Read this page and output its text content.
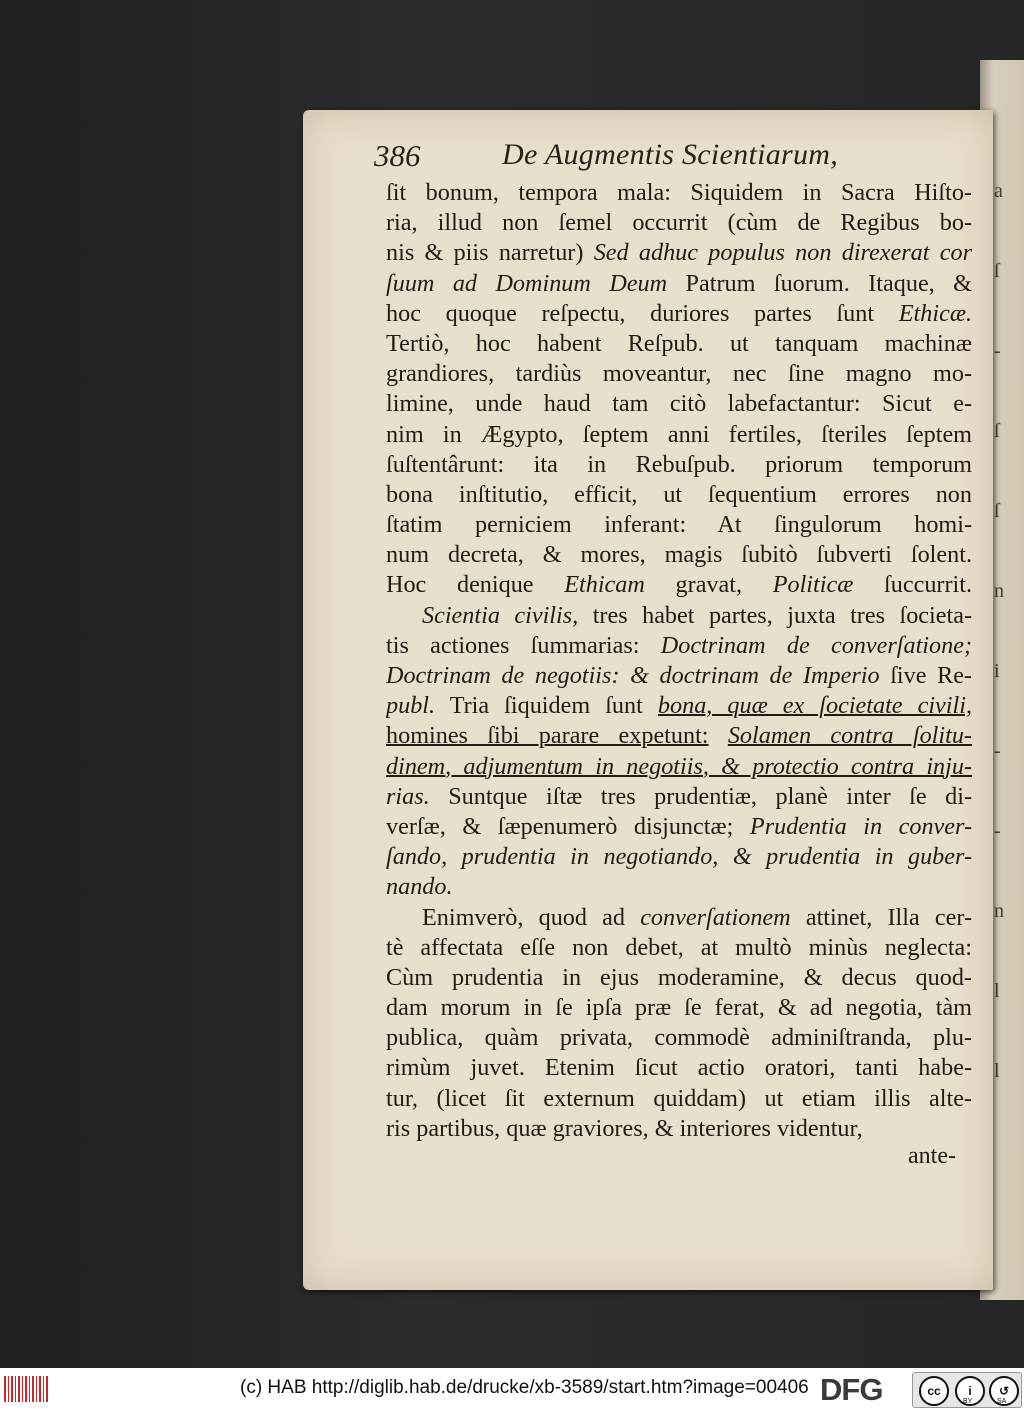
a
ſ
-
ſ
ſ
n
i
-
-
n
l
l
386	De Augmentis Scientiarum,
ſit bonum, tempora mala: Siquidem in Sacra Hiſto-
ria, illud non ſemel occurrit (cùm de Regibus bo-
nis & piis narretur) Sed adhuc populus non direxerat cor
ſuum ad Dominum Deum Patrum ſuorum. Itaque, &
hoc quoque reſpectu, duriores partes ſunt Ethicæ.
Tertiò, hoc habent Reſpub. ut tanquam machinæ
grandiores, tardiùs moveantur, nec ſine magno mo-
limine, unde haud tam citò labefactantur: Sicut e-
nim in Ægypto, ſeptem anni fertiles, ſteriles ſeptem
ſuſtentârunt: ita in Rebuſpub. priorum temporum
bona inſtitutio, efficit, ut ſequentium errores non
ſtatim perniciem inferant: At ſingulorum homi-
num decreta, & mores, magis ſubitò ſubverti ſolent.
Hoc denique Ethicam gravat, Politicæ ſuccurrit.
Scientia civilis, tres habet partes, juxta tres ſocieta-
tis actiones ſummarias: Doctrinam de converſatione;
Doctrinam de negotiis: & doctrinam de Imperio ſive Re-
publ. Tria ſiquidem ſunt bona, quæ ex ſocietate civili,
homines ſibi parare expetunt: Solamen contra ſolitu-
dinem, adjumentum in negotiis, & protectio contra inju-
rias. Suntque iſtæ tres prudentiæ, planè inter ſe di-
verſæ, & ſæpenumerò disjunctæ; Prudentia in conver-
ſando, prudentia in negotiando, & prudentia in guber-
nando.
Enimverò, quod ad converſationem attinet, Illa cer-
tè affectata eſſe non debet, at multò minùs neglecta:
Cùm prudentia in ejus moderamine, & decus quod-
dam morum in ſe ipſa præ ſe ferat, & ad negotia, tàm
publica, quàm privata, commodè adminiſtranda, plu-
rimùm juvet. Etenim ſicut actio oratori, tanti habe-
tur, (licet ſit externum quiddam) ut etiam illis alte-
ris partibus, quæ graviores, & interiores videntur,
ante-
(c) HAB http://diglib.hab.de/drucke/xb-3589/start.htm?image=00406 DFG	cc	i	↺
BY	SA
